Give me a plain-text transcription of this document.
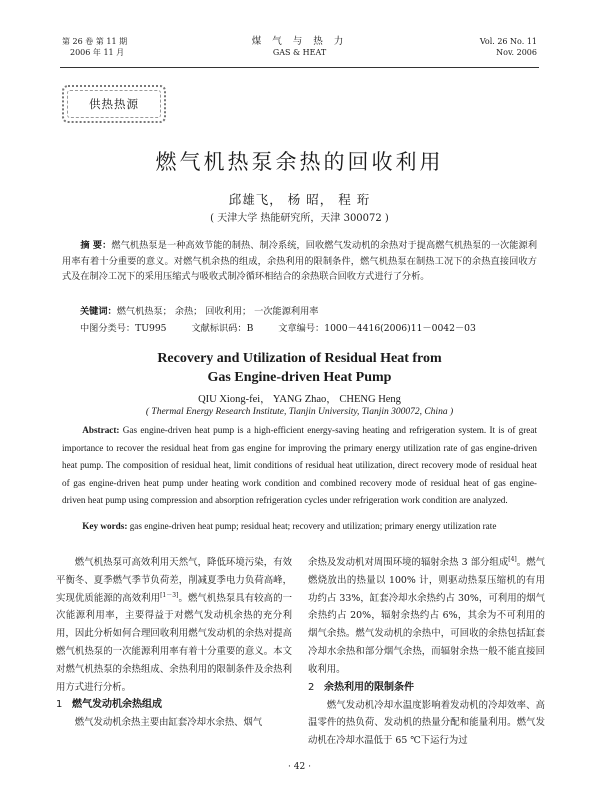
第 26 卷 第 11 期
2006 年 11 月
煤 气 与 热 力
GAS & HEAT
Vol. 26 No. 11
Nov. 2006
供热热源
燃气机热泵余热的回收利用
邱雄飞， 杨 昭， 程 珩
( 天津大学 热能研究所，天津 300072 )
摘 要：燃气机热泵是一种高效节能的制热、制冷系统，回收燃气发动机的余热对于提高燃气机热泵的一次能源利用率有着十分重要的意义。对燃气机余热的组成，余热利用的限制条件，燃气机热泵在制热工况下的余热直接回收方式及在制冷工况下的采用压缩式与吸收式制冷循环相结合的余热联合回收方式进行了分析。
关键词：燃气机热泵； 余热； 回收利用； 一次能源利用率
中图分类号：TU995	文献标识码：B	文章编号：1000－4416(2006)11－0042－03
Recovery and Utilization of Residual Heat from
Gas Engine-driven Heat Pump
QIU Xiong-fei， YANG Zhao， CHENG Heng
( Thermal Energy Research Institute, Tianjin University, Tianjin 300072, China )
Abstract: Gas engine-driven heat pump is a high-efficient energy-saving heating and refrigeration system. It is of great importance to recover the residual heat from gas engine for improving the primary energy utilization rate of gas engine-driven heat pump. The composition of residual heat, limit conditions of residual heat utilization, direct recovery mode of residual heat of gas engine-driven heat pump under heating work condition and combined recovery mode of residual heat of gas engine-driven heat pump using compression and absorption refrigeration cycles under refrigeration work condition are analyzed.
Key words: gas engine-driven heat pump; residual heat; recovery and utilization; primary energy utilization rate

燃气机热泵可高效利用天然气，降低环境污染，有效平衡冬、夏季燃气季节负荷差，削减夏季电力负荷高峰，实现优质能源的高效利用[1－3]。燃气机热泵具有较高的一次能源利用率，主要得益于对燃气发动机余热的充分利用，因此分析如何合理回收利用燃气发动机的余热对提高燃气机热泵的一次能源利用率有着十分重要的意义。本文对燃气机热泵的余热组成、余热利用的限制条件及余热利用方式进行分析。

1 燃气发动机余热组成

燃气发动机余热主要由缸套冷却水余热、烟气

余热及发动机对周围环境的辐射余热 3 部分组成[4]。燃气燃烧放出的热量以 100% 计，则驱动热泵压缩机的有用功约占 33%，缸套冷却水余热约占 30%，可利用的烟气余热约占 20%，辐射余热约占 6%，其余为不可利用的烟气余热。燃气发动机的余热中，可回收的余热包括缸套冷却水余热和部分烟气余热，而辐射余热一般不能直接回收利用。

2 余热利用的限制条件

燃气发动机冷却水温度影响着发动机的冷却效率、高温零件的热负荷、发动机的热量分配和能量利用。燃气发动机在冷却水温低于 65 ℃下运行为过

· 42 ·
